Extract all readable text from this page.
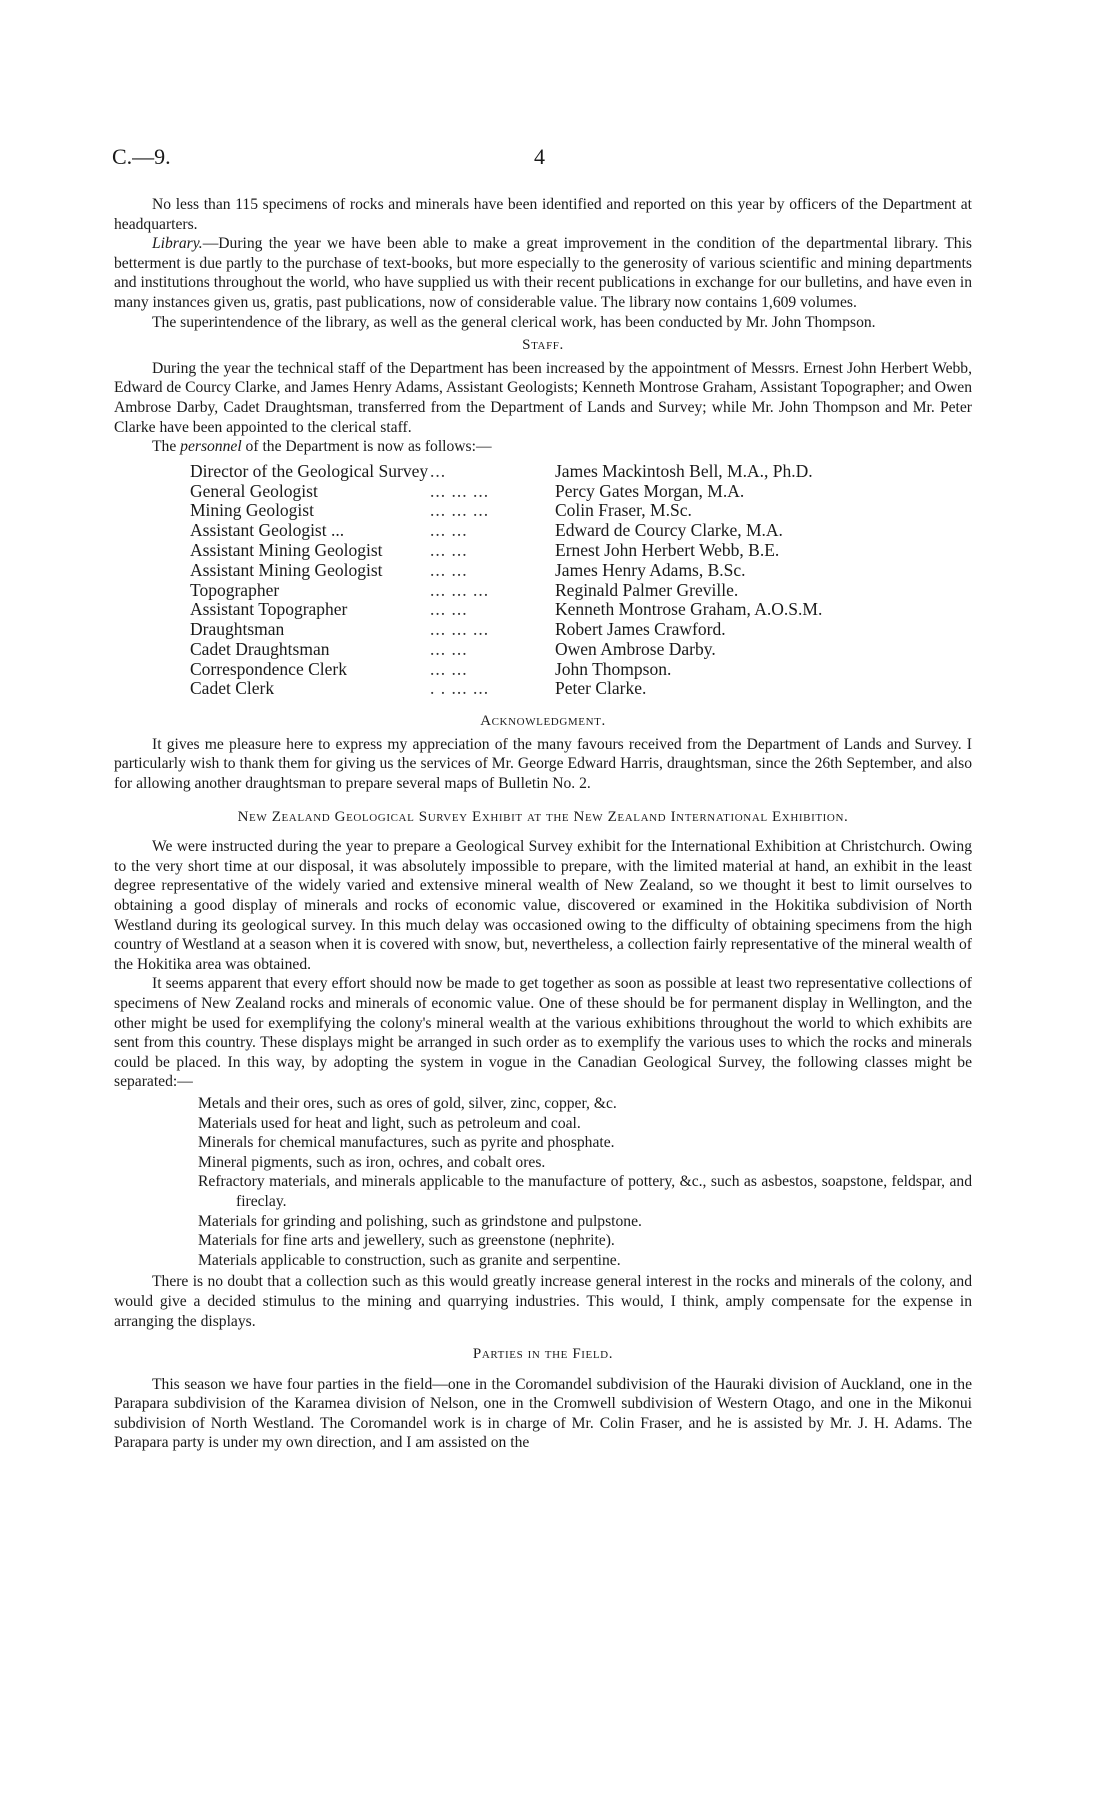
C.—9.	4

No less than 115 specimens of rocks and minerals have been identified and reported on this year by officers of the Department at headquarters.

Library.—During the year we have been able to make a great improvement in the condition of the departmental library. This betterment is due partly to the purchase of text-books, but more especially to the generosity of various scientific and mining departments and institutions throughout the world, who have supplied us with their recent publications in exchange for our bulletins, and have even in many instances given us, gratis, past publications, now of considerable value. The library now contains 1,609 volumes.

The superintendence of the library, as well as the general clerical work, has been conducted by Mr. John Thompson.

Staff.

During the year the technical staff of the Department has been increased by the appointment of Messrs. Ernest John Herbert Webb, Edward de Courcy Clarke, and James Henry Adams, Assistant Geologists; Kenneth Montrose Graham, Assistant Topographer; and Owen Ambrose Darby, Cadet Draughtsman, transferred from the Department of Lands and Survey; while Mr. John Thompson and Mr. Peter Clarke have been appointed to the clerical staff.

The personnel of the Department is now as follows:—

Director of the Geological Survey	...	James Mackintosh Bell, M.A., Ph.D.
General Geologist	... ... ...	Percy Gates Morgan, M.A.
Mining Geologist	... ... ...	Colin Fraser, M.Sc.
Assistant Geologist ...	... ...	Edward de Courcy Clarke, M.A.
Assistant Mining Geologist	... ...	Ernest John Herbert Webb, B.E.
Assistant Mining Geologist	... ...	James Henry Adams, B.Sc.
Topographer	... ... ...	Reginald Palmer Greville.
Assistant Topographer	... ...	Kenneth Montrose Graham, A.O.S.M.
Draughtsman	... ... ...	Robert James Crawford.
Cadet Draughtsman	... ...	Owen Ambrose Darby.
Correspondence Clerk	... ...	John Thompson.
Cadet Clerk	. . ... ...	Peter Clarke.
Acknowledgment.

It gives me pleasure here to express my appreciation of the many favours received from the Department of Lands and Survey. I particularly wish to thank them for giving us the services of Mr. George Edward Harris, draughtsman, since the 26th September, and also for allowing another draughtsman to prepare several maps of Bulletin No. 2.

New Zealand Geological Survey Exhibit at the New Zealand International Exhibition.

We were instructed during the year to prepare a Geological Survey exhibit for the International Exhibition at Christchurch. Owing to the very short time at our disposal, it was absolutely impossible to prepare, with the limited material at hand, an exhibit in the least degree representative of the widely varied and extensive mineral wealth of New Zealand, so we thought it best to limit ourselves to obtaining a good display of minerals and rocks of economic value, discovered or examined in the Hokitika subdivision of North Westland during its geological survey. In this much delay was occasioned owing to the difficulty of obtaining specimens from the high country of Westland at a season when it is covered with snow, but, nevertheless, a collection fairly representative of the mineral wealth of the Hokitika area was obtained.

It seems apparent that every effort should now be made to get together as soon as possible at least two representative collections of specimens of New Zealand rocks and minerals of economic value. One of these should be for permanent display in Wellington, and the other might be used for exemplifying the colony's mineral wealth at the various exhibitions throughout the world to which exhibits are sent from this country. These displays might be arranged in such order as to exemplify the various uses to which the rocks and minerals could be placed. In this way, by adopting the system in vogue in the Canadian Geological Survey, the following classes might be separated:—

Metals and their ores, such as ores of gold, silver, zinc, copper, &c.
Materials used for heat and light, such as petroleum and coal.
Minerals for chemical manufactures, such as pyrite and phosphate.
Mineral pigments, such as iron, ochres, and cobalt ores.
Refractory materials, and minerals applicable to the manufacture of pottery, &c., such as asbestos, soapstone, feldspar, and fireclay.
Materials for grinding and polishing, such as grindstone and pulpstone.
Materials for fine arts and jewellery, such as greenstone (nephrite).
Materials applicable to construction, such as granite and serpentine.

There is no doubt that a collection such as this would greatly increase general interest in the rocks and minerals of the colony, and would give a decided stimulus to the mining and quarrying industries. This would, I think, amply compensate for the expense in arranging the displays.

Parties in the Field.

This season we have four parties in the field—one in the Coromandel subdivision of the Hauraki division of Auckland, one in the Parapara subdivision of the Karamea division of Nelson, one in the Cromwell subdivision of Western Otago, and one in the Mikonui subdivision of North Westland. The Coromandel work is in charge of Mr. Colin Fraser, and he is assisted by Mr. J. H. Adams. The Parapara party is under my own direction, and I am assisted on the
